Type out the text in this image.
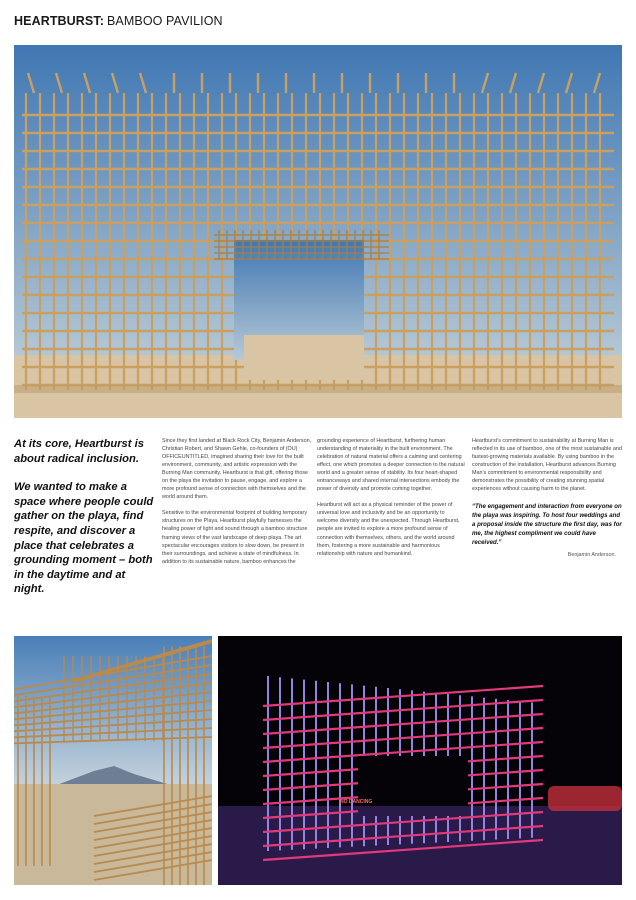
HEARTBURST: BAMBOO PAVILION

At its core, Heartburst is about radical inclusion.

We wanted to make a space where people could gather on the playa, find respite, and discover a place that celebrates a grounding moment – both in the daytime and at night.

Since they first landed at Black Rock City, Benjamin Anderson, Christian Robert, and Shawn Gehle, co-founders of (OU) OFFICEUNTITLED, imagined sharing their love for the built environment, community, and artistic expression with the Burning Man community. Heartburst is that gift, offering those on the playa the invitation to pause, engage, and explore a more profound sense of connection with themselves and the world around them.

Sensitive to the environmental footprint of building temporary structures on the Playa, Heartburst playfully harnesses the healing power of light and sound through a bamboo structure framing views of the vast landscape of deep playa. The art spectacular encourages visitors to slow down, be present in their surroundings, and achieve a state of mindfulness. In addition to its sustainable nature, bamboo enhances the

grounding experience of Heartburst, furthering human understanding of materiality in the built environment. The celebration of natural material offers a calming and centering effect, one which promotes a deeper connection to the natural world and a greater sense of stability. Its four heart-shaped entranceways and shared internal intersections embody the power of diversity and promote coming together.

Heartburst will act as a physical reminder of the power of universal love and inclusivity and be an opportunity to welcome diversity and the unexpected. Through Heartburst, people are invited to explore a more profound sense of connection with themselves, others, and the world around them, fostering a more sustainable and harmonious relationship with nature and humankind.

Heartburst's commitment to sustainability at Burning Man is reflected in its use of bamboo, one of the most sustainable and fastest-growing materials available. By using bamboo in the construction of the installation, Heartburst advances Burning Man's commitment to environmental responsibility and demonstrates the possibility of creating stunning spatial experiences without causing harm to the planet.

“The engagement and interaction from everyone on the playa was inspiring. To host four weddings and a proposal inside the structure the first day, was for me, the highest compliment we could have received.”
Benjamin Anderson.
NO DANCING
